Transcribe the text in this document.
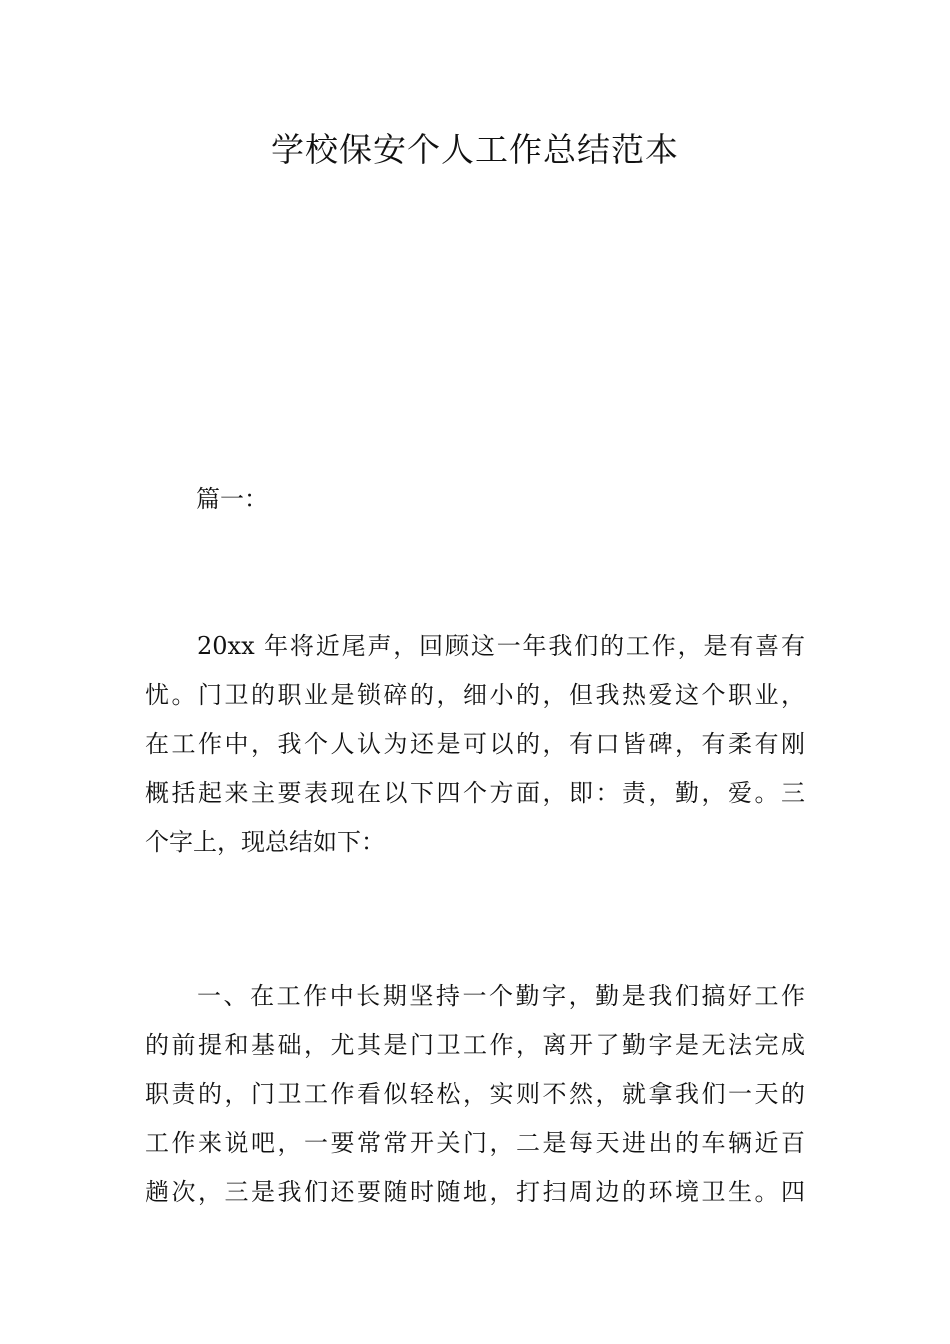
学校保安个人工作总结范本
篇一：
20xx 年将近尾声，回顾这一年我们的工作，是有喜有
忧。门卫的职业是锁碎的，细小的，但我热爱这个职业，
在工作中，我个人认为还是可以的，有口皆碑，有柔有刚
概括起来主要表现在以下四个方面，即：责，勤，爱。三
个字上，现总结如下：
一、在工作中长期坚持一个勤字，勤是我们搞好工作
的前提和基础，尤其是门卫工作，离开了勤字是无法完成
职责的，门卫工作看似轻松，实则不然，就拿我们一天的
工作来说吧，一要常常开关门，二是每天进出的车辆近百
趟次，三是我们还要随时随地，打扫周边的环境卫生。四
